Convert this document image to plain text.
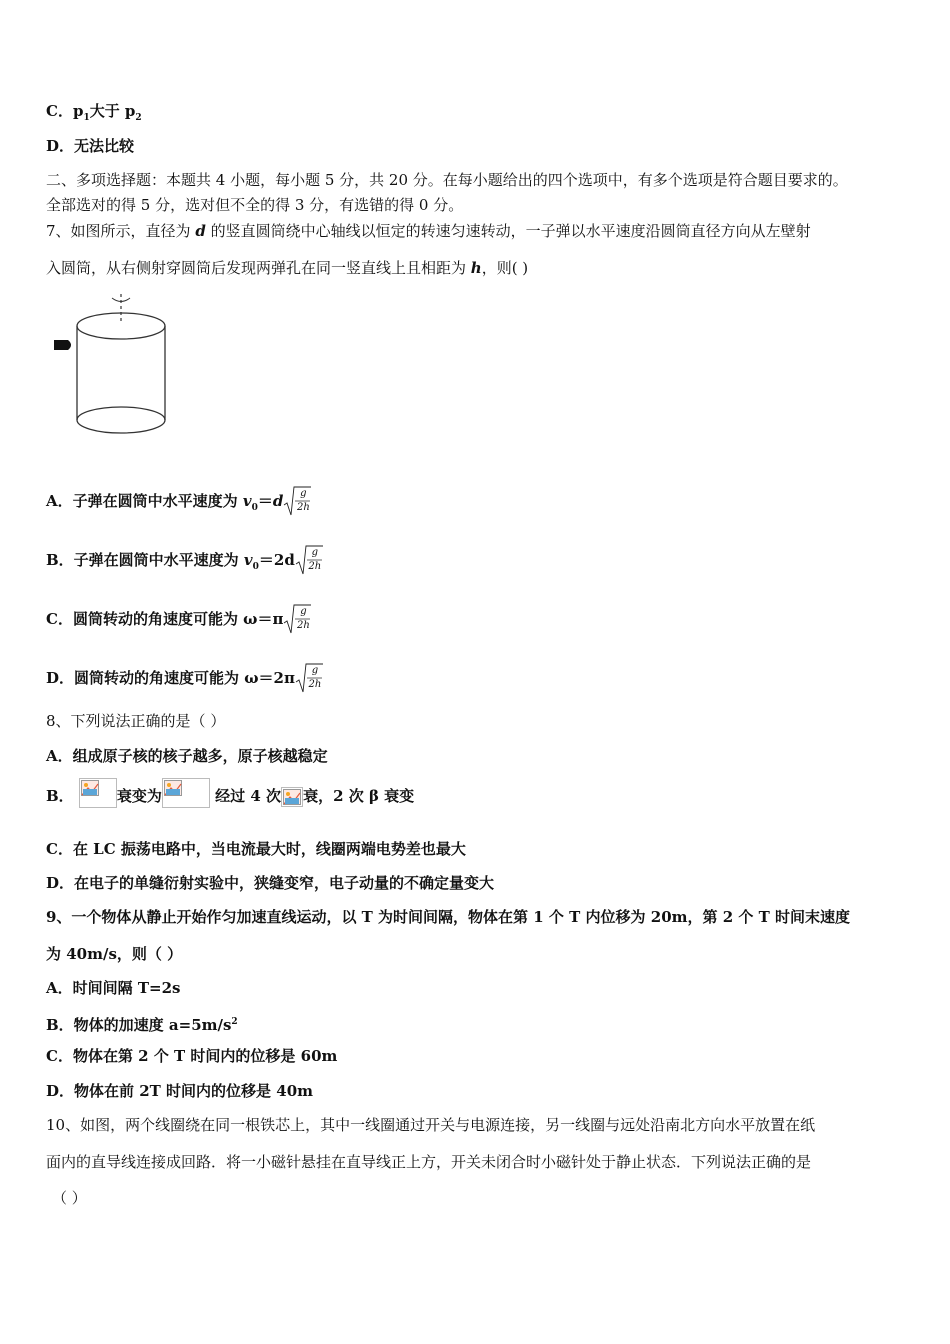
C．$p_1$大于 $p_2$
D．无法比较
二、多项选择题：本题共 4 小题，每小题 5 分，共 20 分。在每小题给出的四个选项中，有多个选项是符合题目要求的。
全部选对的得 5 分，选对但不全的得 3 分，有选错的得 0 分。
7、如图所示，直径为 d 的竖直圆筒绕中心轴线以恒定的转速匀速转动，一子弹以水平速度沿圆筒直径方向从左壁射
入圆筒，从右侧射穿圆筒后发现两弹孔在同一竖直线上且相距为 h，则( )
A．子弹在圆筒中水平速度为 $v_0=d$	g
2h
B．子弹在圆筒中水平速度为 $v_0=2d$	g
2h
C．圆筒转动的角速度可能为 ω＝π	g
2h
D．圆筒转动的角速度可能为 ω＝2π	g
2h
8、下列说法正确的是（ ）
A．组成原子核的核子越多，原子核越稳定
B．	衰变为	经过 4 次 衰，2 次 β 衰变
C．在 LC 振荡电路中，当电流最大时，线圈两端电势差也最大
D．在电子的单缝衍射实验中，狭缝变窄，电子动量的不确定量变大
9、一个物体从静止开始作匀加速直线运动，以 T 为时间间隔，物体在第 1 个 T 内位移为 20m，第 2 个 T 时间末速度
为 40m/s，则（ ）
A．时间间隔 T=2s
B．物体的加速度 $a=5m/s^2$
C．物体在第 2 个 T 时间内的位移是 60m
D．物体在前 2T 时间内的位移是 40m
10、如图，两个线圈绕在同一根铁芯上，其中一线圈通过开关与电源连接，另一线圈与远处沿南北方向水平放置在纸
面内的直导线连接成回路．将一小磁针悬挂在直导线正上方，开关未闭合时小磁针处于静止状态．下列说法正确的是
（ ）
